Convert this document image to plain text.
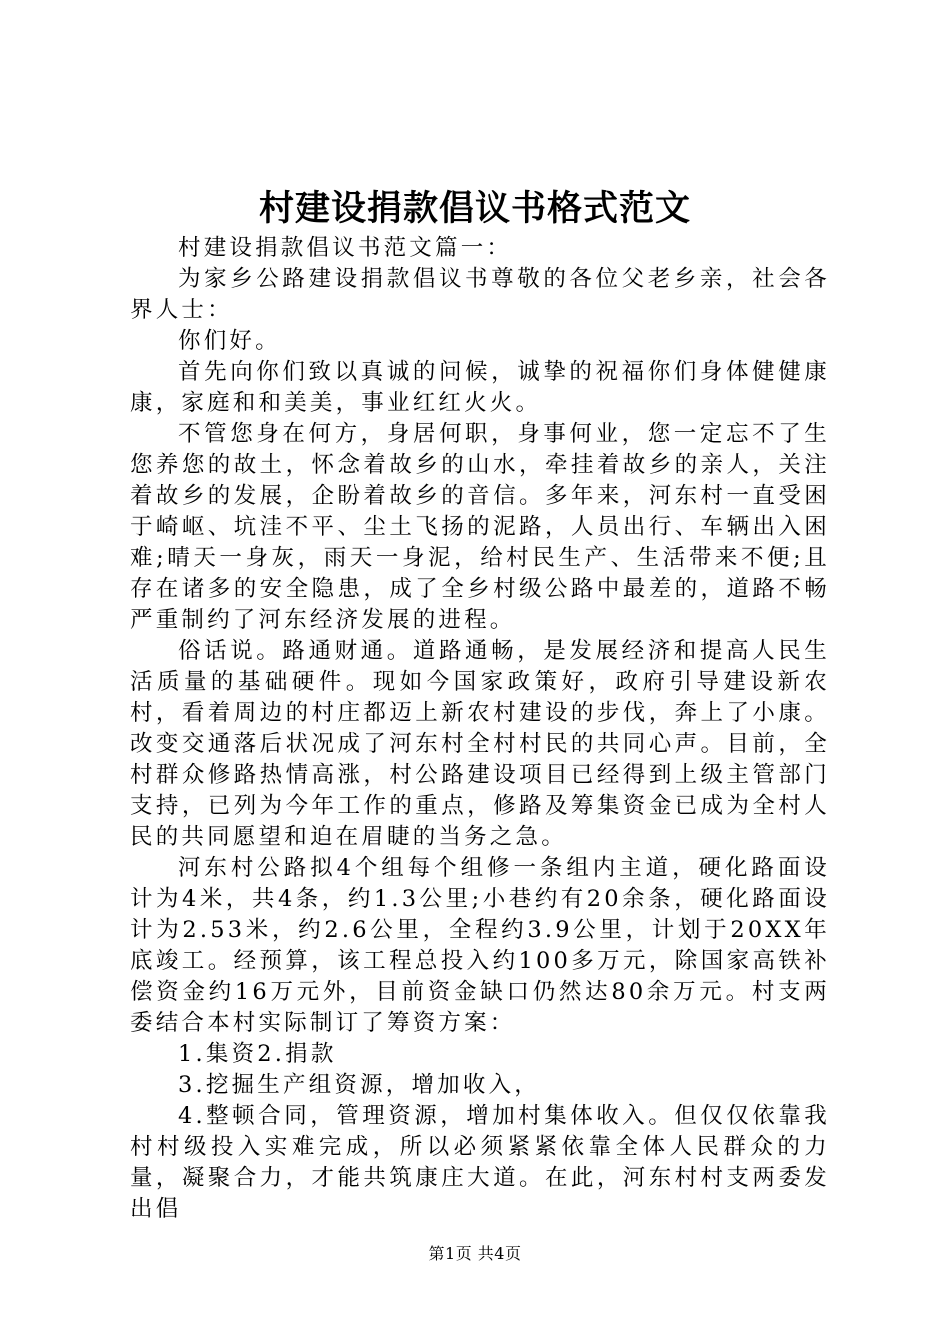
村建设捐款倡议书格式范文

村建设捐款倡议书范文篇一：

为家乡公路建设捐款倡议书尊敬的各位父老乡亲，社会各界人士：

你们好。

首先向你们致以真诚的问候，诚挚的祝福你们身体健健康康，家庭和和美美，事业红红火火。

不管您身在何方，身居何职，身事何业，您一定忘不了生您养您的故土，怀念着故乡的山水，牵挂着故乡的亲人，关注着故乡的发展，企盼着故乡的音信。多年来，河东村一直受困于崎岖、坑洼不平、尘土飞扬的泥路，人员出行、车辆出入困难;晴天一身灰，雨天一身泥，给村民生产、生活带来不便;且存在诸多的安全隐患，成了全乡村级公路中最差的，道路不畅严重制约了河东经济发展的进程。

俗话说。路通财通。道路通畅，是发展经济和提高人民生活质量的基础硬件。现如今国家政策好，政府引导建设新农村，看着周边的村庄都迈上新农村建设的步伐，奔上了小康。改变交通落后状况成了河东村全村村民的共同心声。目前，全村群众修路热情高涨，村公路建设项目已经得到上级主管部门支持，已列为今年工作的重点，修路及筹集资金已成为全村人民的共同愿望和迫在眉睫的当务之急。

河东村公路拟4个组每个组修一条组内主道，硬化路面设计为4米，共4条，约1.3公里;小巷约有20余条，硬化路面设计为2.53米，约2.6公里，全程约3.9公里，计划于20XX年底竣工。经预算，该工程总投入约100多万元，除国家高铁补偿资金约16万元外，目前资金缺口仍然达80余万元。村支两委结合本村实际制订了筹资方案：

1.集资2.捐款

3.挖掘生产组资源，增加收入，

4.整顿合同，管理资源，增加村集体收入。但仅仅依靠我村村级投入实难完成，所以必须紧紧依靠全体人民群众的力量，凝聚合力，才能共筑康庄大道。在此，河东村村支两委发出倡

第1页 共4页
